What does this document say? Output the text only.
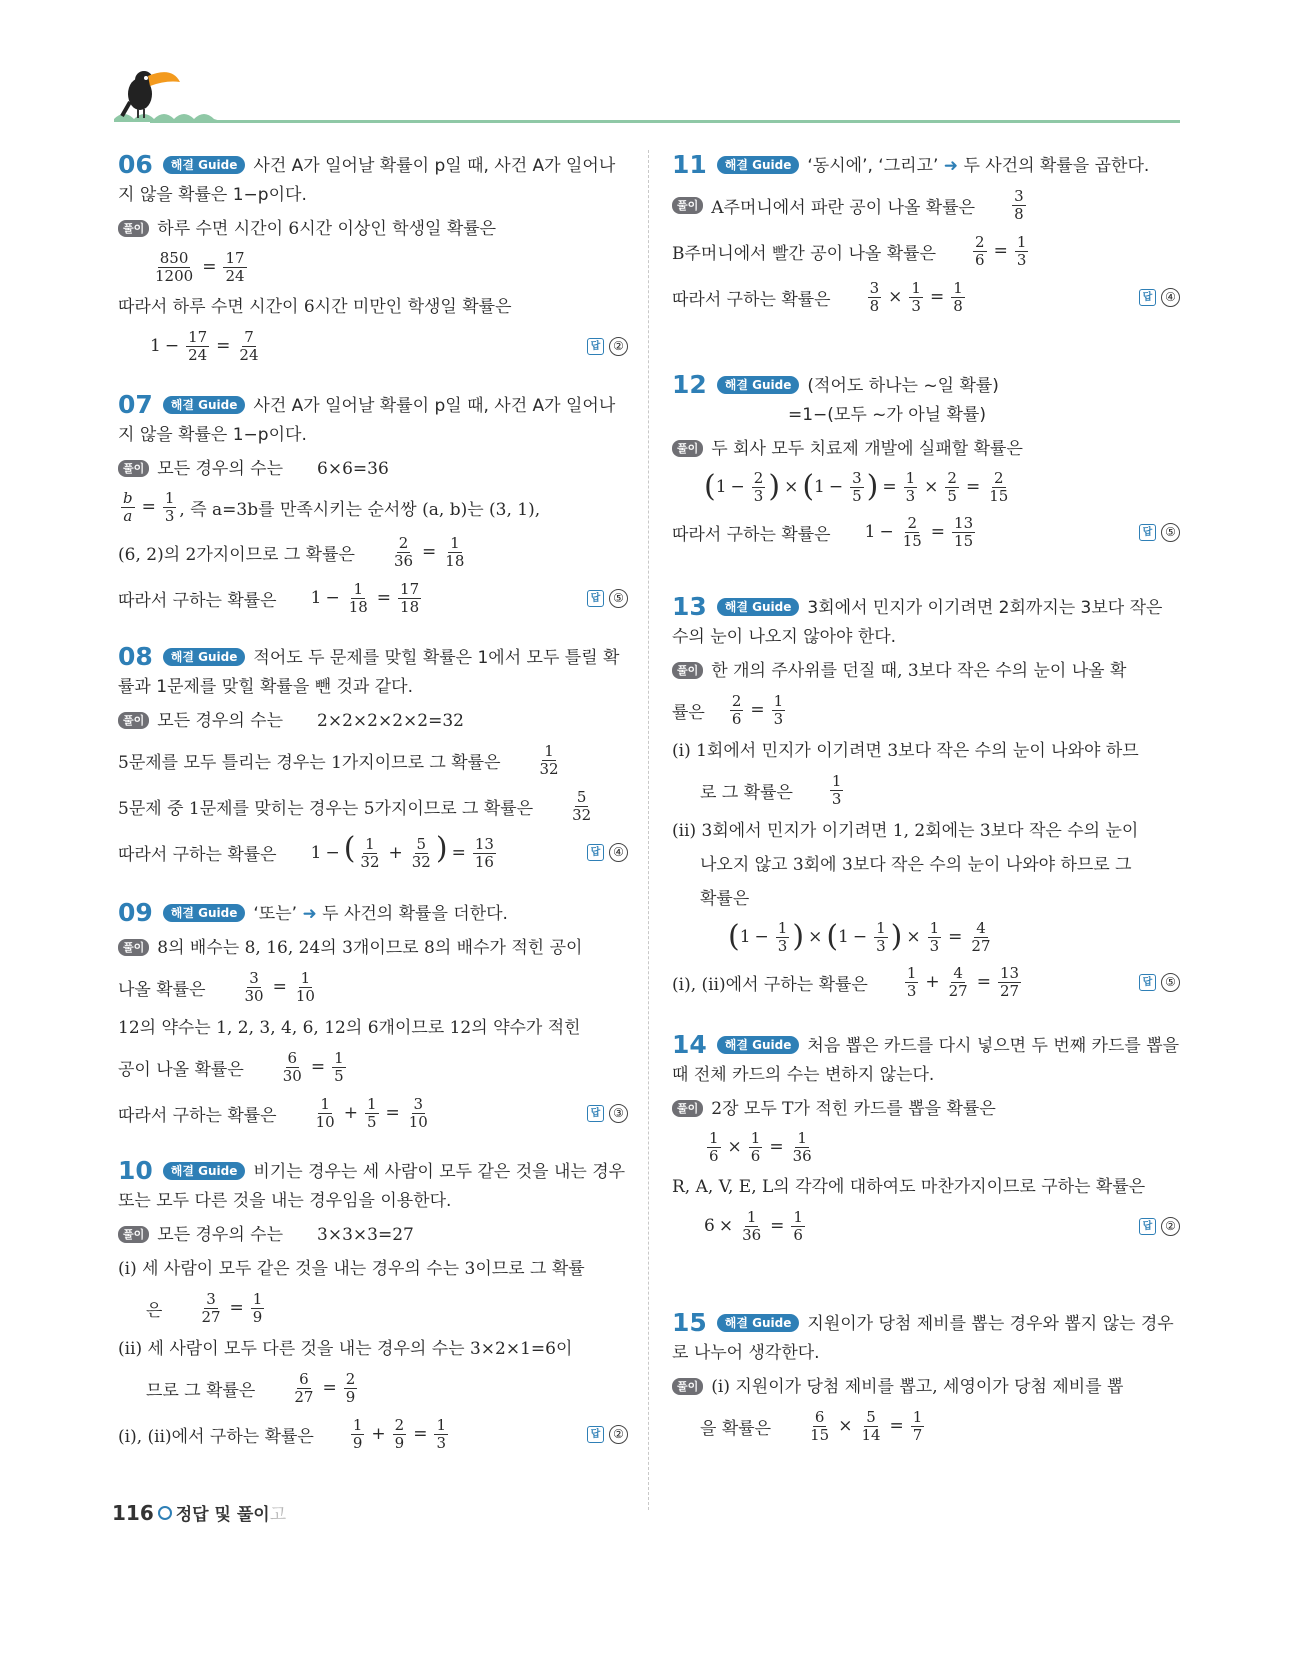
06 해결 Guide 사건 A가 일어날 확률이 p일 때, 사건 A가 일어나지 않을 확률은 1−p이다.
풀이 하루 수면 시간이 6시간 이상인 학생일 확률은
$\frac{850}{1200} = \frac{17}{24}$
따라서 하루 수면 시간이 6시간 미만인 학생일 확률은
$1 - \frac{17}{24} = \frac{7}{24}$	답	②
07 해결 Guide 사건 A가 일어날 확률이 p일 때, 사건 A가 일어나지 않을 확률은 1−p이다.
풀이 모든 경우의 수는 6×6=36
$\frac{b}{a} = \frac{1}{3}$ , 즉 a=3b를 만족시키는 순서쌍 (a, b)는 (3, 1),
(6, 2)의 2가지이므로 그 확률은 $\frac{2}{36} = \frac{1}{18}$
따라서 구하는 확률은 $1 - \frac{1}{18} = \frac{17}{18}$	답	⑤
08 해결 Guide 적어도 두 문제를 맞힐 확률은 1에서 모두 틀릴 확률과 1문제를 맞힐 확률을 뺀 것과 같다.
풀이 모든 경우의 수는 2×2×2×2×2=32
5문제를 모두 틀리는 경우는 1가지이므로 그 확률은 $\frac{1}{32}$
5문제 중 1문제를 맞히는 경우는 5가지이므로 그 확률은 $\frac{5}{32}$
따라서 구하는 확률은 1 − ( $\frac{1}{32} + \frac{5}{32}$ ) = $\frac{13}{16}$	답	④
09 해결 Guide ‘또는’ ➜ 두 사건의 확률을 더한다.
풀이 8의 배수는 8, 16, 24의 3개이므로 8의 배수가 적힌 공이
나올 확률은 $\frac{3}{30} = \frac{1}{10}$
12의 약수는 1, 2, 3, 4, 6, 12의 6개이므로 12의 약수가 적힌
공이 나올 확률은 $\frac{6}{30} = \frac{1}{5}$
따라서 구하는 확률은 $\frac{1}{10} + \frac{1}{5} = \frac{3}{10}$	답	③
10 해결 Guide 비기는 경우는 세 사람이 모두 같은 것을 내는 경우 또는 모두 다른 것을 내는 경우임을 이용한다.
풀이 모든 경우의 수는 3×3×3=27
(ⅰ) 세 사람이 모두 같은 것을 내는 경우의 수는 3이므로 그 확률
은 $\frac{3}{27} = \frac{1}{9}$
(ⅱ) 세 사람이 모두 다른 것을 내는 경우의 수는 3×2×1=6이
므로 그 확률은 $\frac{6}{27} = \frac{2}{9}$
(ⅰ), (ⅱ)에서 구하는 확률은 $\frac{1}{9} + \frac{2}{9} = \frac{1}{3}$	답	②
11 해결 Guide ‘동시에’, ‘그리고’ ➜ 두 사건의 확률을 곱한다.
풀이 A주머니에서 파란 공이 나올 확률은 $\frac{3}{8}$
B주머니에서 빨간 공이 나올 확률은 $\frac{2}{6} = \frac{1}{3}$
따라서 구하는 확률은 $\frac{3}{8} \times \frac{1}{3} = \frac{1}{8}$	답	④
12 해결 Guide (적어도 하나는 ~일 확률)
=1−(모두 ~가 아닐 확률)
풀이 두 회사 모두 치료제 개발에 실패할 확률은
( $1 - \frac{2}{3}$ ) × ( $1 - \frac{3}{5}$ ) = $\frac{1}{3} \times \frac{2}{5} = \frac{2}{15}$
따라서 구하는 확률은 $1 - \frac{2}{15} = \frac{13}{15}$	답	⑤
13 해결 Guide 3회에서 민지가 이기려면 2회까지는 3보다 작은 수의 눈이 나오지 않아야 한다.
풀이 한 개의 주사위를 던질 때, 3보다 작은 수의 눈이 나올 확
률은 $\frac{2}{6} = \frac{1}{3}$
(ⅰ) 1회에서 민지가 이기려면 3보다 작은 수의 눈이 나와야 하므
로 그 확률은 $\frac{1}{3}$
(ⅱ) 3회에서 민지가 이기려면 1, 2회에는 3보다 작은 수의 눈이
나오지 않고 3회에 3보다 작은 수의 눈이 나와야 하므로 그
확률은
( $1 - \frac{1}{3}$ ) × ( $1 - \frac{1}{3}$ ) × $\frac{1}{3} = \frac{4}{27}$
(ⅰ), (ⅱ)에서 구하는 확률은 $\frac{1}{3} + \frac{4}{27} = \frac{13}{27}$	답	⑤
14 해결 Guide 처음 뽑은 카드를 다시 넣으면 두 번째 카드를 뽑을 때 전체 카드의 수는 변하지 않는다.
풀이 2장 모두 T가 적힌 카드를 뽑을 확률은
$\frac{1}{6} \times \frac{1}{6} = \frac{1}{36}$
R, A, V, E, L의 각각에 대하여도 마찬가지이므로 구하는 확률은
$6 \times \frac{1}{36} = \frac{1}{6}$	답	②
15 해결 Guide 지원이가 당첨 제비를 뽑는 경우와 뽑지 않는 경우로 나누어 생각한다.
풀이 (ⅰ) 지원이가 당첨 제비를 뽑고, 세영이가 당첨 제비를 뽑
을 확률은 $\frac{6}{15} \times \frac{5}{14} = \frac{1}{7}$
116 정답 및 풀이 고
